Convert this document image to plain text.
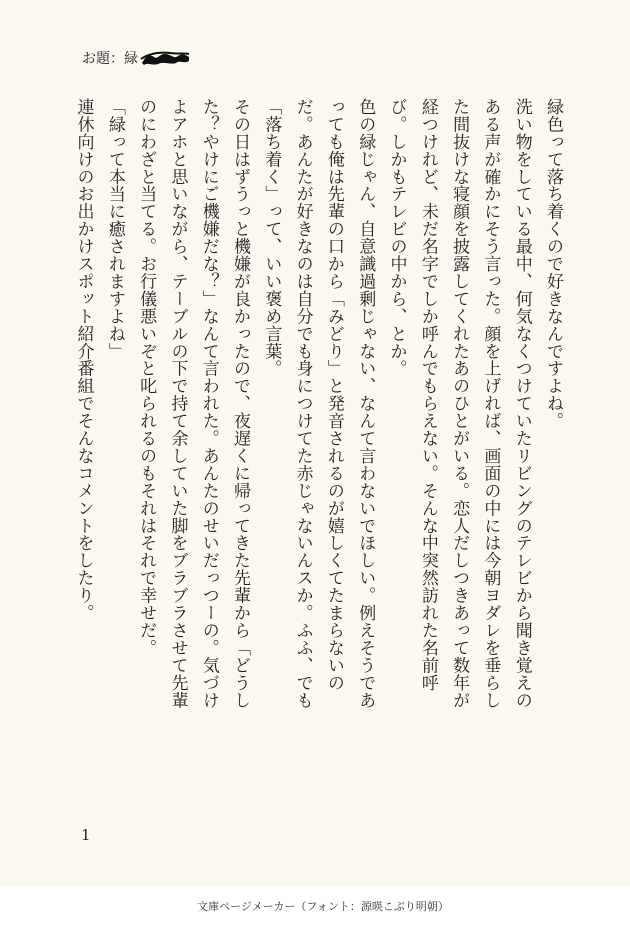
お題：緑

緑色って落ち着くので好きなんですよね。

洗い物をしている最中、何気なくつけていたリビングのテレビから聞き覚えのある声が確かにそう言った。顔を上げれば、画面の中には今朝ヨダレを垂らした間抜けな寝顔を披露してくれたあのひとがいる。恋人だしつきあって数年が経つけれど、未だ名字でしか呼んでもらえない。そんな中突然訪れた名前呼び。しかもテレビの中から、とか。

色の緑じゃん、自意識過剰じゃない、なんて言わないでほしい。例えそうであっても俺は先輩の口から「みどり」と発音されるのが嬉しくてたまらないのだ。あんたが好きなのは自分でも身につけてた赤じゃないんスか。ふふ、でも「落ち着く」って、いい褒め言葉。

その日はずうっと機嫌が良かったので、夜遅くに帰ってきた先輩から「どうした？やけにご機嫌だな？」なんて言われた。あんたのせいだっつーの。気づけよアホと思いながら、テーブルの下で持て余していた脚をブラブラさせて先輩のにわざと当てる。お行儀悪いぞと叱られるのもそれはそれで幸せだ。

「緑って本当に癒されますよね」

連休向けのお出かけスポット紹介番組でそんなコメントをしたり。

1
文庫ページメーカー（フォント：源暎こぶり明朝）
